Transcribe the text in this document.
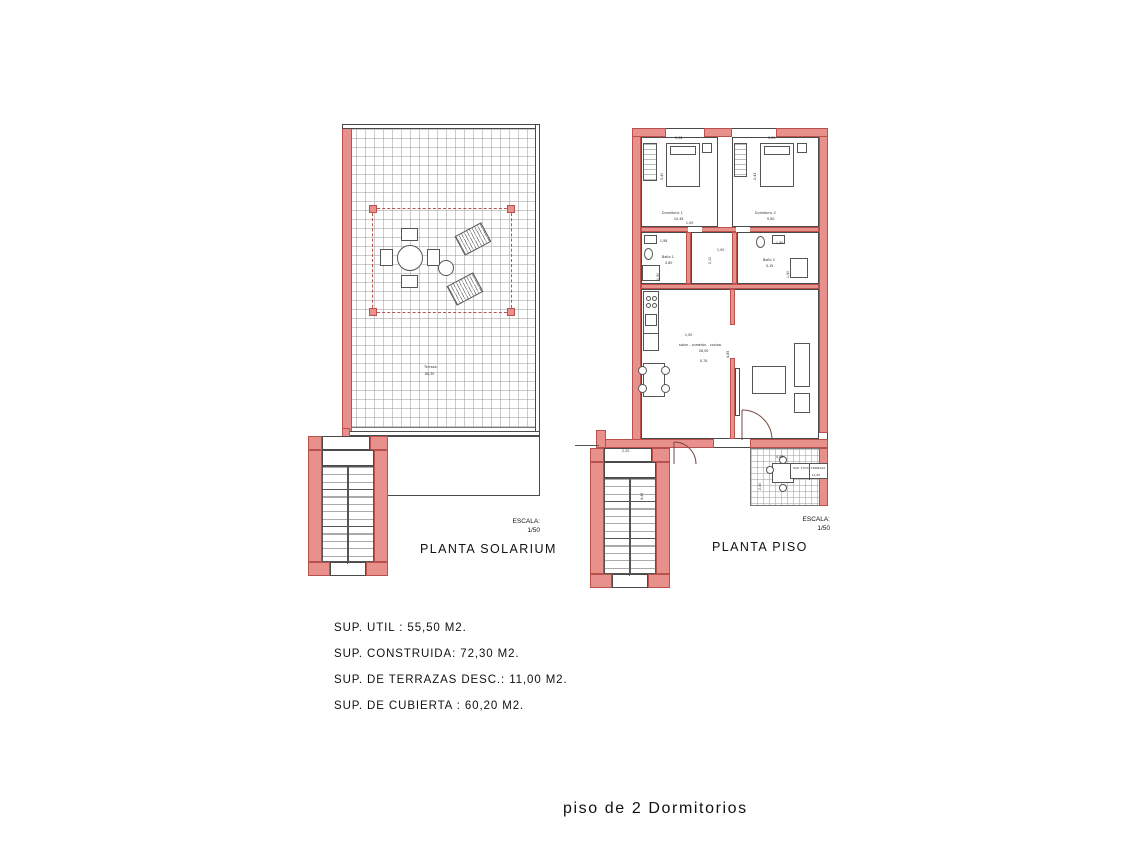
Terraza
60,20
ESCALA:
1/50
PLANTA SOLARIUM
3,08
3,40
Dormitorio 1
10,45
3,90
2,43
Dormitorio 2
9,50
1,00
Baño 1
3,80
1,98
1,90
2,10
1,00
Baño 2
3,15
1,80
1,90
salon - comedor - cocina
28,00
5,76
4,85
1,00
4,60
2,40
SUP. TOTAL TERRAZA
11,00
2,20
4,45
ESCALA:
1/50
PLANTA PISO
SUP. UTIL : 55,50 M2.
SUP. CONSTRUIDA: 72,30 M2.
SUP. DE TERRAZAS DESC.: 11,00 M2.
SUP. DE CUBIERTA : 60,20 M2.
piso de 2 Dormitorios
